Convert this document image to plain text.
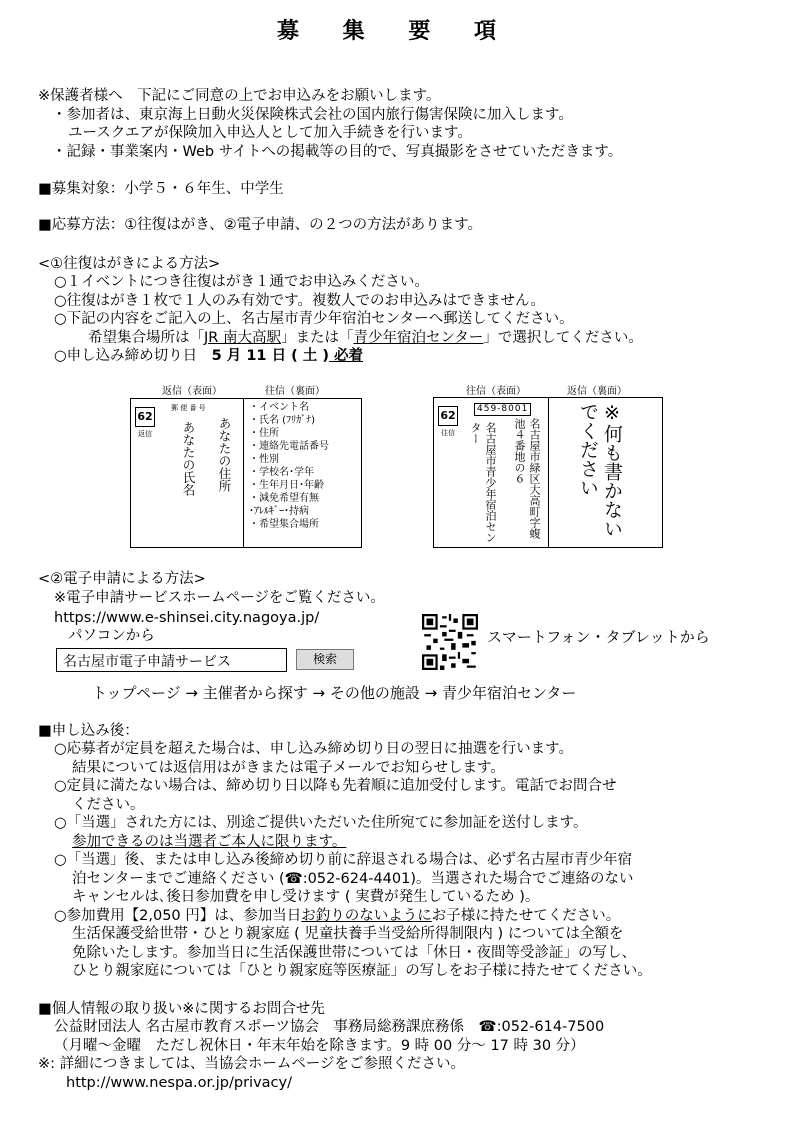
募 集 要 項
※保護者様へ　下記にご同意の上でお申込みをお願いします。
・参加者は、東京海上日動火災保険株式会社の国内旅行傷害保険に加入します。
ユースクエアが保険加入申込人として加入手続きを行います。
・記録・事業案内・Web サイトへの掲載等の目的で、写真撮影をさせていただきます。
■募集対象：小学５・６年生、中学生
■応募方法：①往復はがき、②電子申請、の２つの方法があります。
<①往復はがきによる方法>
○１イベントにつき往復はがき１通でお申込みください。
○往復はがき１枚で１人のみ有効です。複数人でのお申込みはできません。
○下記の内容をご記入の上、名古屋市青少年宿泊センターへ郵送してください。
希望集合場所は「JR 南大高駅」または「青少年宿泊センター」で選択してください。
○申し込み締め切り日　5 月 11 日 ( 土 ) 必着
返信（表面）	往信（裏面）
62
返信
郵 便 番 号
あなたの住所
あなたの氏名
・イベント名
・氏名 (ﾌﾘｶﾞﾅ)
・住所
・連絡先電話番号
・性別
・学校名･学年
・生年月日･年齢
・減免希望有無
･ｱﾚﾙｷﾞｰ･持病
・希望集合場所
往信（表面）	返信（裏面）
62
往信
459-8001
名古屋市緑区大高町字蝮池４番地の６
名古屋市青少年宿泊センター	※何も書かないでください
<②電子申請による方法>
※電子申請サービスホームページをご覧ください。
https://www.e-shinsei.city.nagoya.jp/
パソコンから
名古屋市電子申請サービス	検索
スマートフォン・タブレットから
トップページ → 主催者から探す → その他の施設 → 青少年宿泊センター
■申し込み後：
○応募者が定員を超えた場合は、申し込み締め切り日の翌日に抽選を行います。
結果については返信用はがきまたは電子メールでお知らせします。
○定員に満たない場合は、締め切り日以降も先着順に追加受付します。電話でお問合せ
ください。
○「当選」された方には、別途ご提供いただいた住所宛てに参加証を送付します。
参加できるのは当選者ご本人に限ります。
○「当選」後、または申し込み後締め切り前に辞退される場合は、必ず名古屋市青少年宿
泊センターまでご連絡ください (☎:052-624-4401)。当選された場合でご連絡のない
キャンセルは､後日参加費を申し受けます ( 実費が発生しているため )。
○参加費用【2,050 円】は、参加当日お釣りのないようにお子様に持たせてください。
生活保護受給世帯・ひとり親家庭 ( 児童扶養手当受給所得制限内 ) については全額を
免除いたします。参加当日に生活保護世帯については「休日・夜間等受診証」の写し、
ひとり親家庭については「ひとり親家庭等医療証」の写しをお子様に持たせてください。
■個人情報の取り扱い※に関するお問合せ先
公益財団法人 名古屋市教育スポーツ協会　事務局総務課庶務係　☎:052-614-7500
（月曜～金曜　ただし祝休日・年末年始を除きます。9 時 00 分～ 17 時 30 分）
※: 詳細につきましては、当協会ホームページをご参照ください。
http://www.nespa.or.jp/privacy/
